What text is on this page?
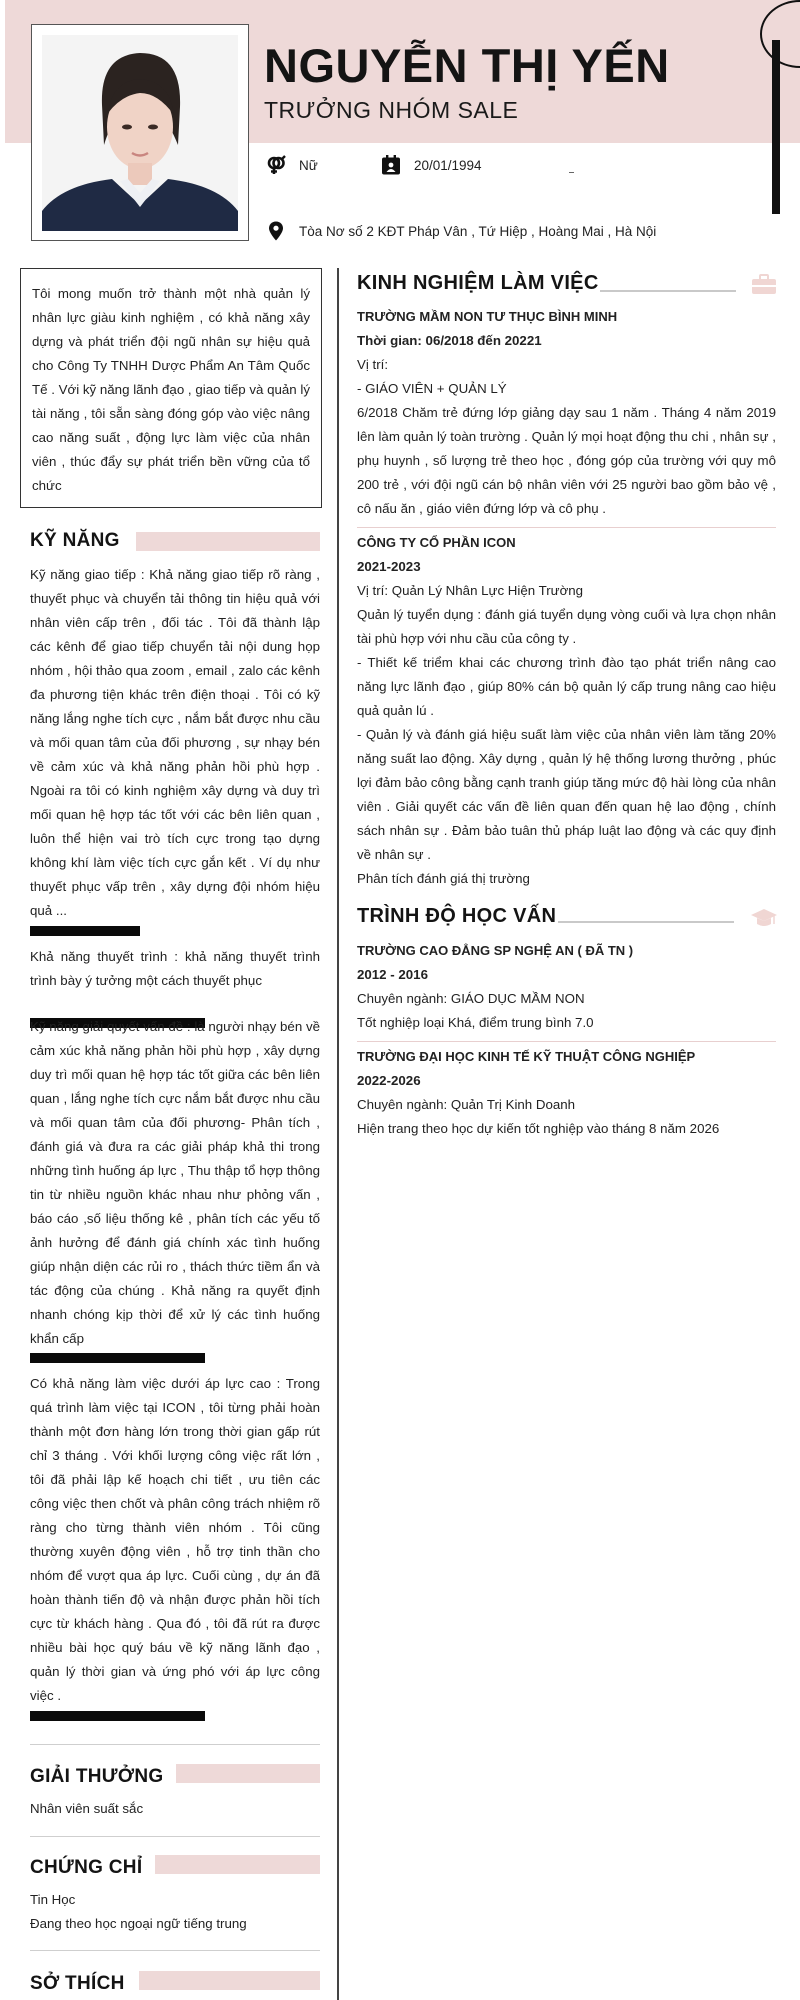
NGUYỄN THỊ YẾN
TRƯỞNG NHÓM SALE
Nữ	20/01/1994
Tòa Nơ số 2 KĐT Pháp Vân , Tứ Hiệp , Hoàng Mai , Hà Nội
Tôi mong muốn trở thành một nhà quản lý nhân lực giàu kinh nghiệm , có khả năng xây dựng và phát triển đội ngũ nhân sự hiệu quả cho Công Ty TNHH Dược Phẩm An Tâm Quốc Tế . Với kỹ năng lãnh đạo , giao tiếp và quản lý tài năng , tôi sẵn sàng đóng góp vào việc nâng cao năng suất , động lực làm việc của nhân viên , thúc đẩy sự phát triển bền vững của tổ chức
KỸ NĂNG
Kỹ năng giao tiếp : Khả năng giao tiếp rõ ràng , thuyết phục và chuyển tải thông tin hiệu quả với nhân viên cấp trên , đối tác . Tôi đã thành lập các kênh để giao tiếp chuyển tải nội dung họp nhóm , hội thảo qua zoom , email , zalo các kênh đa phương tiện khác trên điện thoại . Tôi có kỹ năng lắng nghe tích cực , nắm bắt được nhu cầu và mối quan tâm của đối phương , sự nhạy bén về cảm xúc và khả năng phản hồi phù hợp . Ngoài ra tôi có kinh nghiệm xây dựng và duy trì mối quan hệ hợp tác tốt với các bên liên quan , luôn thể hiện vai trò tích cực trong tạo dựng không khí làm việc tích cực gắn kết . Ví dụ như thuyết phục vấp trên , xây dựng đội nhóm hiệu quả ...
Khả năng thuyết trình : khả năng thuyết trình trình bày ý tưởng một cách thuyết phục
Kỹ năng giải quyết vấn đề : là người nhạy bén về cảm xúc khả năng phản hồi phù hợp , xây dựng duy trì mối quan hệ hợp tác tốt giữa các bên liên quan , lắng nghe tích cực nắm bắt được nhu cầu và mối quan tâm của đối phương- Phân tích , đánh giá và đưa ra các giải pháp khả thi trong những tình huống áp lực , Thu thập tổ hợp thông tin từ nhiều nguồn khác nhau như phỏng vấn , báo cáo ,số liệu thống kê , phân tích các yếu tố ảnh hưởng để đánh giá chính xác tình huống giúp nhận diện các rủi ro , thách thức tiềm ẩn và tác động của chúng . Khả năng ra quyết định nhanh chóng kịp thời để xử lý các tình huống khẩn cấp
Có khả năng làm việc dưới áp lực cao : Trong quá trình làm việc tại ICON , tôi từng phải hoàn thành một đơn hàng lớn trong thời gian gấp rút chỉ 3 tháng . Với khối lượng công việc rất lớn , tôi đã phải lập kế hoạch chi tiết , ưu tiên các công việc then chốt và phân công trách nhiệm rõ ràng cho từng thành viên nhóm . Tôi cũng thường xuyên động viên , hỗ trợ tinh thần cho nhóm để vượt qua áp lực. Cuối cùng , dự án đã hoàn thành tiến độ và nhận được phản hồi tích cực từ khách hàng . Qua đó , tôi đã rút ra được nhiều bài học quý báu về kỹ năng lãnh đạo , quản lý thời gian và ứng phó với áp lực công việc .
GIẢI THƯỞNG
Nhân viên suất sắc
CHỨNG CHỈ
Tin Học
Đang theo học ngoại ngữ tiếng trung
SỞ THÍCH
KINH NGHIỆM LÀM VIỆC
TRƯỜNG MẦM NON TƯ THỤC BÌNH MINH
Thời gian: 06/2018 đến 20221
Vị trí:
- GIÁO VIÊN + QUẢN LÝ
6/2018 Chăm trẻ đứng lớp giảng dạy sau 1 năm . Tháng 4 năm 2019 lên làm quản lý toàn trường . Quản lý mọi hoạt động thu chi , nhân sự , phụ huynh , số lượng trẻ theo học , đóng góp của trường với quy mô 200 trẻ , với đội ngũ cán bộ nhân viên với 25 người bao gồm bảo vệ , cô nấu ăn , giáo viên đứng lớp và cô phụ .
CÔNG TY CỔ PHẦN ICON
2021-2023
Vị trí: Quản Lý Nhân Lực Hiện Trường
Quản lý tuyển dụng : đánh giá tuyển dụng vòng cuối và lựa chọn nhân tài phù hợp với nhu cầu của công ty .
- Thiết kế triểm khai các chương trình đào tạo phát triển nâng cao năng lực lãnh đạo , giúp 80% cán bộ quản lý cấp trung nâng cao hiệu quả quản lú .
- Quản lý và đánh giá hiệu suất làm việc của nhân viên làm tăng 20% năng suất lao động. Xây dựng , quản lý hệ thống lương thưởng , phúc lợi đảm bảo công bằng cạnh tranh giúp tăng mức độ hài lòng của nhân viên . Giải quyết các vấn đề liên quan đến quan hệ lao động , chính sách nhân sự . Đảm bảo tuân thủ pháp luật lao động và các quy định về nhân sự .
Phân tích đánh giá thị trường
TRÌNH ĐỘ HỌC VẤN
TRƯỜNG CAO ĐẲNG SP NGHỆ AN ( ĐÃ TN )
2012 - 2016
Chuyên ngành: GIÁO DỤC MẦM NON
Tốt nghiệp loại Khá, điểm trung bình 7.0
TRƯỜNG ĐẠI HỌC KINH TẾ KỸ THUẬT CÔNG NGHIỆP
2022-2026
Chuyên ngành: Quản Trị Kinh Doanh
Hiện trang theo học dự kiến tốt nghiệp vào tháng 8 năm 2026
